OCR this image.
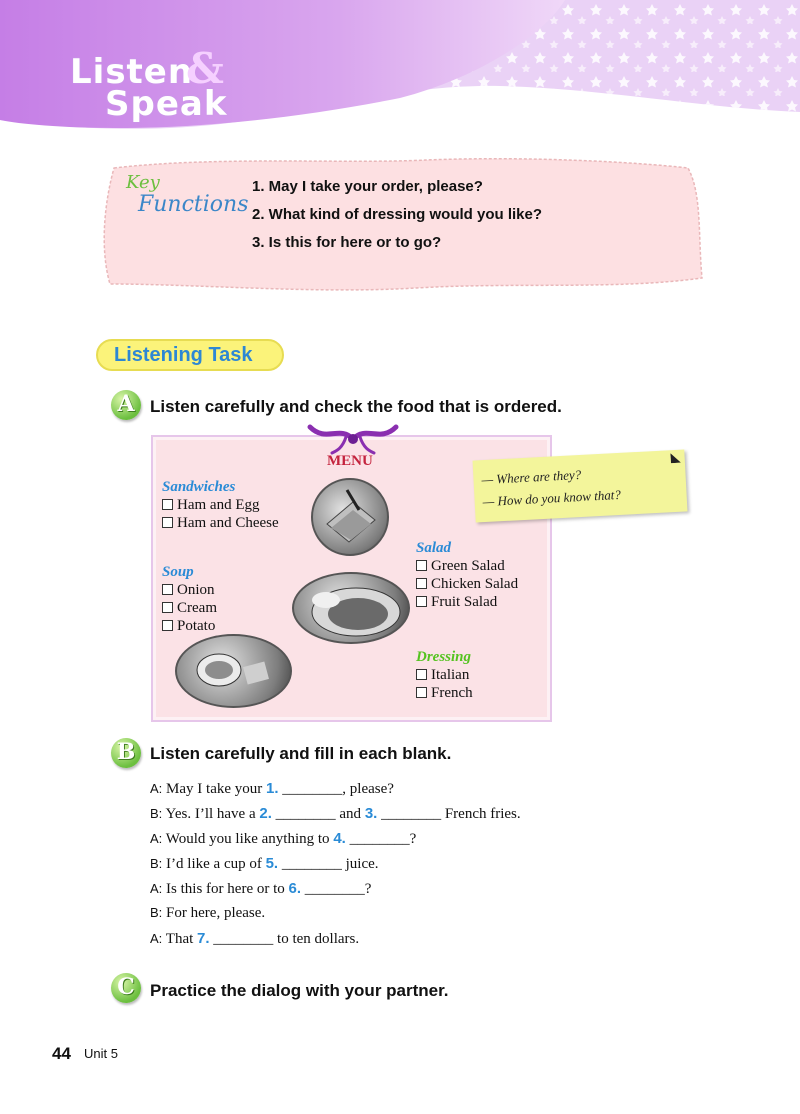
Listen
&
Speak
Key
Functions
1. May I take your order, please?
2. What kind of dressing would you like?
3. Is this for here or to go?
Listening Task
A Listen carefully and check the food that is ordered.
MENU
Sandwiches
Ham and Egg
Ham and Cheese
Soup
Onion
Cream
Potato
Salad
Green Salad
Chicken Salad
Fruit Salad
Dressing
Italian
French

— Where are they?

— How do you know that?

B Listen carefully and fill in each blank.
A: May I take your 1. ________, please?
B: Yes. I’ll have a 2. ________ and 3. ________ French fries.
A: Would you like anything to 4. ________?
B: I’d like a cup of 5. ________ juice.
A: Is this for here or to 6. ________?
B: For here, please.
A: That 7. ________ to ten dollars.
C Practice the dialog with your partner.
44 Unit 5
